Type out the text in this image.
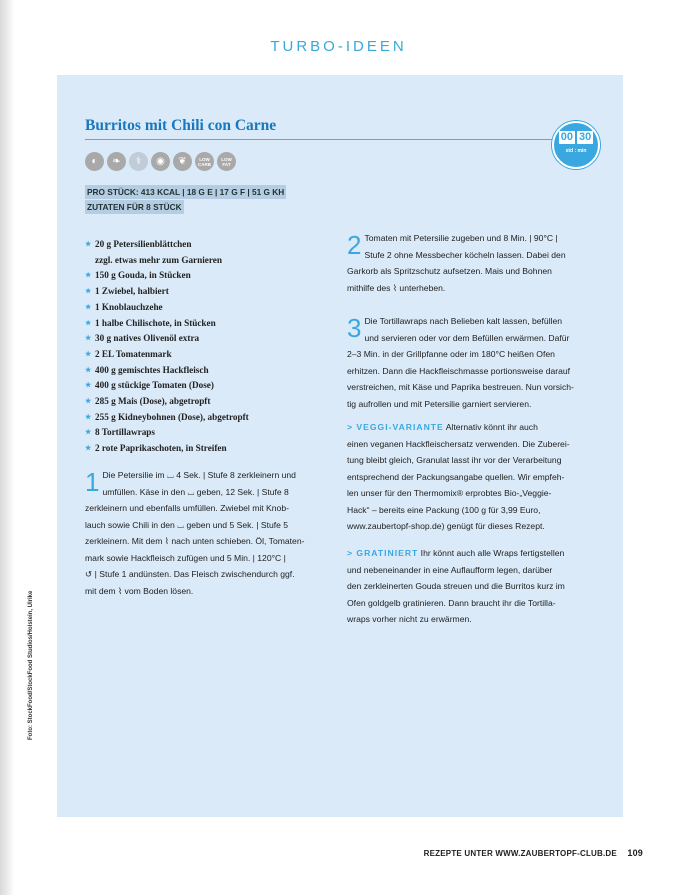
TURBO-IDEEN
Burritos mit Chili con Carne
00 30
std : min
◐	❧	⚕	◉	❦	LOW CARB
LOW FAT
PRO STÜCK: 413 KCAL | 18 G E | 17 G F | 51 G KH
ZUTATEN FÜR 8 STÜCK
★ 20 g Petersilienblättchen
zzgl. etwas mehr zum Garnieren
★ 150 g Gouda, in Stücken
★ 1 Zwiebel, halbiert
★ 1 Knoblauchzehe
★ 1 halbe Chilischote, in Stücken
★ 30 g natives Olivenöl extra
★ 2 EL Tomatenmark
★ 400 g gemischtes Hackfleisch
★ 400 g stückige Tomaten (Dose)
★ 285 g Mais (Dose), abgetropft
★ 255 g Kidneybohnen (Dose), abgetropft
★ 8 Tortillawraps
★ 2 rote Paprikaschoten, in Streifen
1 Die Petersilie im ⌴ 4 Sek. | Stufe 8 zerkleinern und
umfüllen. Käse in den ⌴ geben, 12 Sek. | Stufe 8
zerkleinern und ebenfalls umfüllen. Zwiebel mit Knob-
lauch sowie Chili in den ⌴ geben und 5 Sek. | Stufe 5
zerkleinern. Mit dem ⌇ nach unten schieben. Öl, Tomaten-
mark sowie Hackfleisch zufügen und 5 Min. | 120°C |
↺ | Stufe 1 andünsten. Das Fleisch zwischendurch ggf.
mit dem ⌇ vom Boden lösen.
2 Tomaten mit Petersilie zugeben und 8 Min. | 90°C |
Stufe 2 ohne Messbecher köcheln lassen. Dabei den
Garkorb als Spritzschutz aufsetzen. Mais und Bohnen
mithilfe des ⌇ unterheben.
3 Die Tortillawraps nach Belieben kalt lassen, befüllen
und servieren oder vor dem Befüllen erwärmen. Dafür
2–3 Min. in der Grillpfanne oder im 180°C heißen Ofen
erhitzen. Dann die Hackfleischmasse portionsweise darauf
verstreichen, mit Käse und Paprika bestreuen. Nun vorsich-
tig aufrollen und mit Petersilie garniert servieren.
> VEGGI-VARIANTE Alternativ könnt ihr auch
einen veganen Hackfleischersatz verwenden. Die Zuberei-
tung bleibt gleich, Granulat lasst ihr vor der Verarbeitung
entsprechend der Packungsangabe quellen. Wir empfeh-
len unser für den Thermomix® erprobtes Bio-„Veggie-
Hack“ – bereits eine Packung (100 g für 3,99 Euro,
www.zaubertopf-shop.de) genügt für dieses Rezept.
> GRATINIERT Ihr könnt auch alle Wraps fertigstellen
und nebeneinander in eine Auflaufform legen, darüber
den zerkleinerten Gouda streuen und die Burritos kurz im
Ofen goldgelb gratinieren. Dann braucht ihr die Tortilla-
wraps vorher nicht zu erwärmen.
Foto: StockFood/StockFood Studios/Holstein, Ulrike
REZEPTE UNTER WWW.ZAUBERTOPF-CLUB.DE 109
